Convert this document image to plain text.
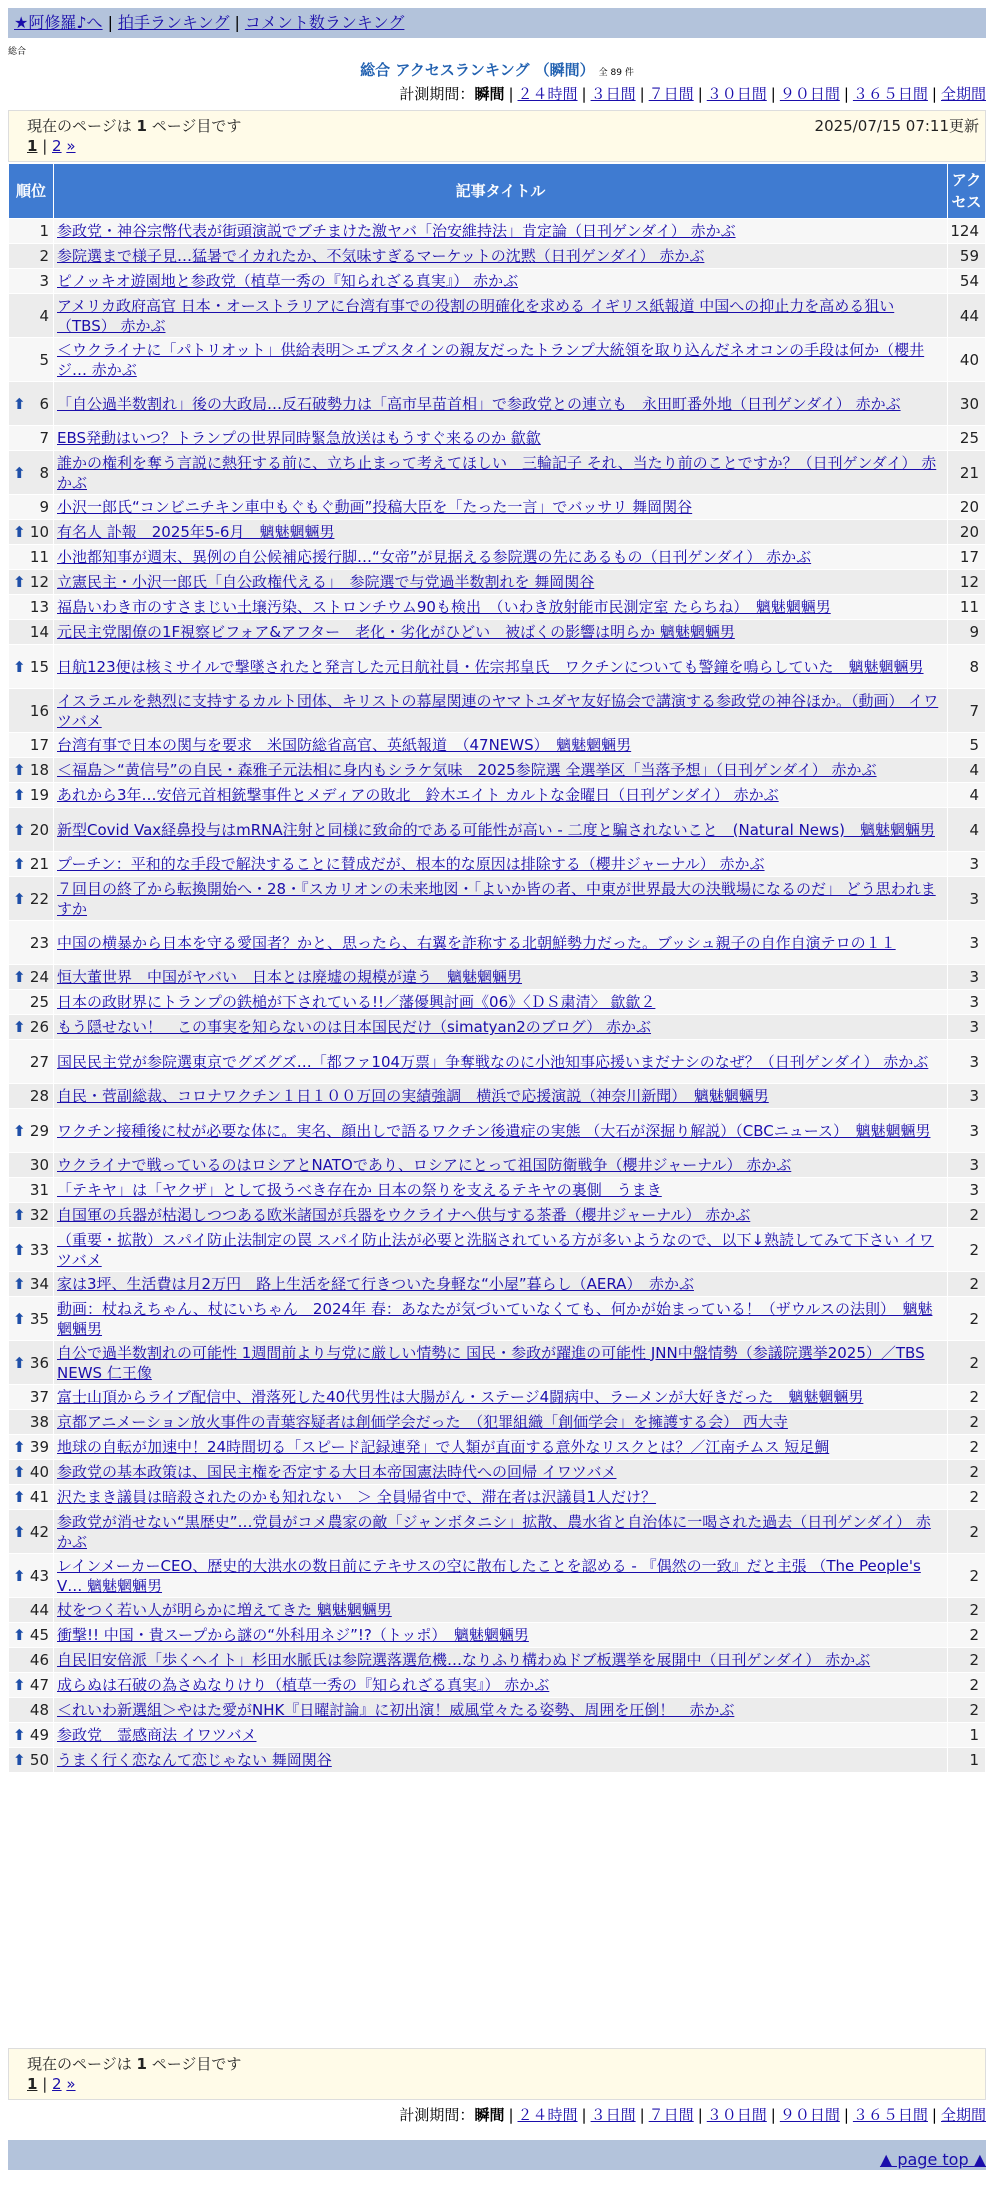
★阿修羅♪へ | 拍手ランキング | コメント数ランキング
総合
総合 アクセスランキング （瞬間） 全 89 件
計測期間：瞬間 | ２４時間 | ３日間 | ７日間 | ３０日間 | ９０日間 | ３６５日間 | 全期間
現在のページは 1 ページ目です	2025/07/15 07:11更新
1 | 2 »
順位	記事タイトル	アクセス
1	参政党・神谷宗幣代表が街頭演説でブチまけた激ヤバ「治安維持法」肯定論（日刊ゲンダイ） 赤かぶ	124
2	参院選まで様子見…猛暑でイカれたか、不気味すぎるマーケットの沈黙（日刊ゲンダイ） 赤かぶ	59
3	ピノッキオ遊園地と参政党（植草一秀の『知られざる真実』） 赤かぶ	54
4	アメリカ政府高官 日本・オーストラリアに台湾有事での役割の明確化を求める イギリス紙報道 中国への抑止力を高める狙い（TBS） 赤かぶ	44
5	＜ウクライナに「パトリオット」供給表明＞エプスタインの親友だったトランプ大統領を取り込んだネオコンの手段は何か（櫻井ジ… 赤かぶ	40

⬆ 6	「自公過半数割れ」後の大政局…反石破勢力は「高市早苗首相」で参政党との連立も　永田町番外地（日刊ゲンダイ） 赤かぶ	30
7	EBS発動はいつ？トランプの世界同時緊急放送はもうすぐ来るのか 歙歙	25

⬆ 8	誰かの権利を奪う言説に熱狂する前に、立ち止まって考えてほしい　三輪記子 それ、当たり前のことですか？（日刊ゲンダイ） 赤かぶ	21
9	小沢一郎氏“コンビニチキン車中もぐもぐ動画”投稿大臣を「たった一言」でバッサリ 舞岡関谷	20

⬆ 10	有名人 訃報　2025年5-6月　魑魅魍魎男	20
11	小池都知事が週末、異例の自公候補応援行脚…“女帝”が見据える参院選の先にあるもの（日刊ゲンダイ） 赤かぶ	17

⬆ 12	立憲民主・小沢一郎氏「自公政権代える」　参院選で与党過半数割れを 舞岡関谷	12
13	福島いわき市のすさまじい土壌汚染、ストロンチウム90も検出　（いわき放射能市民測定室 たらちね）　魑魅魍魎男	11
14	元民主党閣僚の1F視察ビフォア&アフター　老化・劣化がひどい　被ばくの影響は明らか 魑魅魍魎男	9

⬆ 15	日航123便は核ミサイルで撃墜されたと発言した元日航社員・佐宗邦皇氏　ワクチンについても警鐘を鳴らしていた　魑魅魍魎男	8
16	イスラエルを熱烈に支持するカルト団体、キリストの幕屋関連のヤマトユダヤ友好協会で講演する参政党の神谷ほか。（動画） イワツバメ	7
17	台湾有事で日本の関与を要求　米国防総省高官、英紙報道　（47NEWS）　魑魅魍魎男	5

⬆ 18	＜福島＞“黄信号”の自民・森雅子元法相に身内もシラケ気味　2025参院選 全選挙区「当落予想」（日刊ゲンダイ） 赤かぶ	4

⬆ 19	あれから3年…安倍元首相銃撃事件とメディアの敗北　鈴木エイト カルトな金曜日（日刊ゲンダイ） 赤かぶ	4

⬆ 20	新型Covid Vax経鼻投与はmRNA注射と同様に致命的である可能性が高い - 二度と騙されないこと　(Natural News)　魑魅魍魎男	4

⬆ 21	プーチン：平和的な手段で解決することに賛成だが、根本的な原因は排除する（櫻井ジャーナル） 赤かぶ	3

⬆ 22	７回目の終了から転換開始へ・28・『スカリオンの未来地図・「よいか皆の者、中東が世界最大の決戦場になるのだ」 どう思われますか	3
23	中国の横暴から日本を守る愛国者？かと、思ったら、右翼を詐称する北朝鮮勢力だった。ブッシュ親子の自作自演テロの１１	3

⬆ 24	恒大董世界　中国がヤバい　日本とは廃墟の規模が違う　魑魅魍魎男	3
25	日本の政財界にトランプの鉄槌が下されている!!／藩優興討画《06》〈ＤＳ粛清〉 歙歙２	3

⬆ 26	もう隠せない！　この事実を知らないのは日本国民だけ（simatyan2のブログ） 赤かぶ	3
27	国民民主党が参院選東京でグズグズ…「都ファ104万票」争奪戦なのに小池知事応援いまだナシのなぜ？（日刊ゲンダイ） 赤かぶ	3
28	自民・菅副総裁、コロナワクチン１日１００万回の実績強調　横浜で応援演説（神奈川新聞）　魑魅魍魎男	3

⬆ 29	ワクチン接種後に杖が必要な体に。実名、顔出しで語るワクチン後遺症の実態 （大石が深掘り解説）（CBCニュース）　魑魅魍魎男	3
30	ウクライナで戦っているのはロシアとNATOであり、ロシアにとって祖国防衛戦争（櫻井ジャーナル） 赤かぶ	3
31	「テキヤ」は「ヤクザ」として扱うべき存在か 日本の祭りを支えるテキヤの裏側　うまき	3

⬆ 32	自国軍の兵器が枯渇しつつある欧米諸国が兵器をウクライナへ供与する茶番（櫻井ジャーナル） 赤かぶ	2

⬆ 33	（重要・拡散）スパイ防止法制定の罠 スパイ防止法が必要と洗脳されている方が多いようなので、以下↓熟読してみて下さい イワツバメ	2

⬆ 34	家は3坪、生活費は月2万円　路上生活を経て行きついた身軽な“小屋”暮らし（AERA）　赤かぶ	2

⬆ 35	動画：杖ねえちゃん、杖にいちゃん　2024年 春：あなたが気づいていなくても、何かが始まっている！（ザウルスの法則）　魑魅魍魎男	2

⬆ 36	自公で過半数割れの可能性 1週間前より与党に厳しい情勢に 国民・参政が躍進の可能性 JNN中盤情勢（参議院選挙2025）／TBS NEWS 仁王像	2
37	富士山頂からライブ配信中、滑落死した40代男性は大腸がん・ステージ4闘病中、ラーメンが大好きだった　魑魅魍魎男	2
38	京都アニメーション放火事件の青葉容疑者は創価学会だった　（犯罪組織「創価学会」を擁護する会） 西大寺	2

⬆ 39	地球の自転が加速中！24時間切る「スピード記録連発」で人類が直面する意外なリスクとは？／江南チムス 短足鯛	2

⬆ 40	参政党の基本政策は、国民主権を否定する大日本帝国憲法時代への回帰 イワツバメ	2

⬆ 41	沢たまき議員は暗殺されたのかも知れない　＞ 全員帰省中で、滞在者は沢議員1人だけ？	2

⬆ 42	参政党が消せない“黒歴史”…党員がコメ農家の敵「ジャンボタニシ」拡散、農水省と自治体に一喝された過去（日刊ゲンダイ） 赤かぶ	2

⬆ 43	レインメーカーCEO、歴史的大洪水の数日前にテキサスの空に散布したことを認める - 『偶然の一致』だと主張 （The People's V… 魑魅魍魎男	2
44	杖をつく若い人が明らかに増えてきた 魑魅魍魎男	2

⬆ 45	衝撃!! 中国・貴スープから謎の“外科用ネジ”!?（トッポ）　魑魅魍魎男	2
46	自民旧安倍派「歩くヘイト」杉田水脈氏は参院選落選危機…なりふり構わぬドブ板選挙を展開中（日刊ゲンダイ） 赤かぶ	2

⬆ 47	成らぬは石破の為さぬなりけり（植草一秀の『知られざる真実』） 赤かぶ	2
48	＜れいわ新選組＞やはた愛がNHK『日曜討論』に初出演！威風堂々たる姿勢、周囲を圧倒！　赤かぶ	2

⬆ 49	参政党　霊感商法 イワツバメ	1

⬆ 50	うまく行く恋なんて恋じゃない 舞岡関谷	1
現在のページは 1 ページ目です
1 | 2 »
計測期間：瞬間 | ２４時間 | ３日間 | ７日間 | ３０日間 | ９０日間 | ３６５日間 | 全期間
▲ page top ▲
